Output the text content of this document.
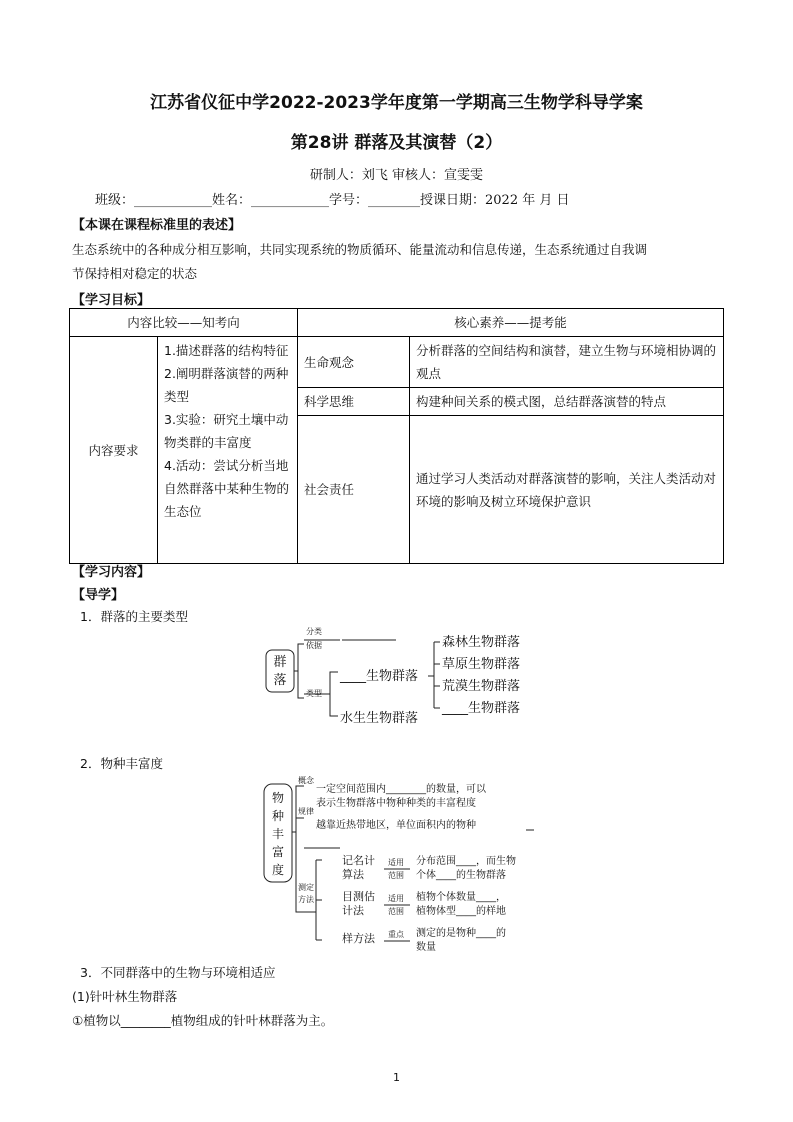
江苏省仪征中学2022-2023学年度第一学期高三生物学科导学案
第28讲 群落及其演替（2）
研制人：刘飞 审核人：宣雯雯
班级：____________姓名：____________学号：________授课日期：2022 年 月 日
【本课在课程标准里的表述】
生态系统中的各种成分相互影响，共同实现系统的物质循环、能量流动和信息传递，生态系统通过自我调
节保持相对稳定的状态
【学习目标】
内容比较——知考向		核心素养——提考能	
内容要求	1.描述群落的结构特征
2.阐明群落演替的两种类型
3.实验：研究土壤中动物类群的丰富度
4.活动：尝试分析当地自然群落中某种生物的生态位	生命观念	分析群落的空间结构和演替，建立生物与环境相协调的观点
		科学思维	构建种间关系的模式图，总结群落演替的特点
		社会责任	通过学习人类活动对群落演替的影响，关注人类活动对环境的影响及树立环境保护意识
【学习内容】
【导学】
1．群落的主要类型
群
落
分类
依据
类型
____生物群落
水生生物群落
森林生物群落
草原生物群落
荒漠生物群落
____生物群落
2．物种丰富度
物
种
丰
富
度
概念
规律
一定空间范围内________的数量，可以
表示生物群落中物种种类的丰富程度
越靠近热带地区，单位面积内的物种
测定
方法
记名计
算法
适用
范围
分布范围____，而生物
个体____的生物群落
目测估
计法
适用
范围
植物个体数量____，
植物体型____的样地
样方法 重点 测定的是物种____的
数量
3．不同群落中的生物与环境相适应
(1)针叶林生物群落
①植物以________植物组成的针叶林群落为主。
1
